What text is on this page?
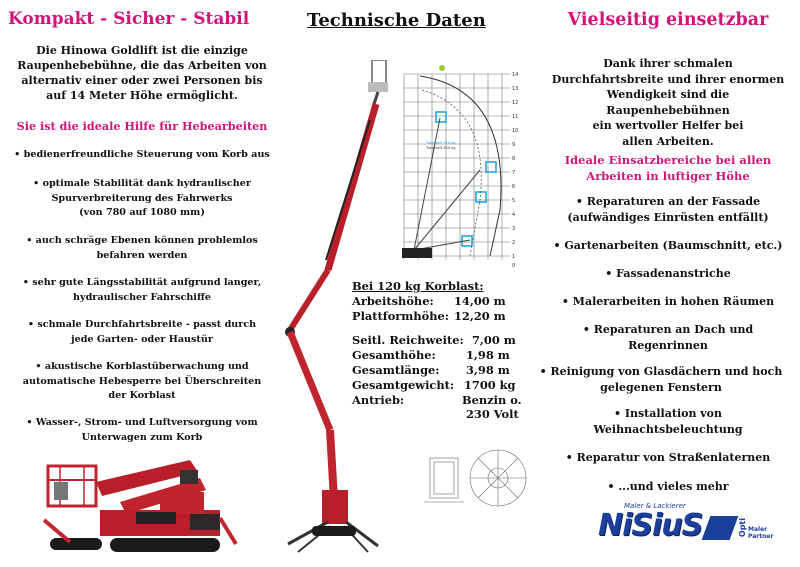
Kompakt - Sicher - Stabil
Die Hinowa Goldlift ist die einzige
Raupenhebebühne, die das Arbeiten von
alternativ einer oder zwei Personen bis
auf 14 Meter Höhe ermöglicht.
Sie ist die ideale Hilfe für Hebearbeiten
• bedienerfreundliche Steuerung vom Korb aus
• optimale Stabilität dank hydraulischer
Spurverbreiterung des Fahrwerks
(von 780 auf 1080 mm)
• auch schräge Ebenen können problemlos
befahren werden
• sehr gute Längsstabilität aufgrund langer,
hydraulischer Fahrschiffe
• schmale Durchfahrtsbreite - passt durch
jede Garten- oder Haustür
• akustische Korblastüberwachung und
automatische Hebesperre bei Überschreiten
der Korblast
• Wasser-, Strom- und Luftversorgung vom
Unterwagen zum Korb
Technische Daten
Tragkraft 120 kg
Tragkraft 200 kg
14
13
12
11
10
9
8
7
6
5
4
3
2
1
0
Bei 120 kg Korblast:
Arbeitshöhe: 14,00 m
Plattformhöhe: 12,20 m
Seitl. Reichweite: 7,00 m
Gesamthöhe:	1,98 m
Gesamtlänge: 3,98 m
Gesamtgewicht: 1700 kg
Antrieb:	Benzin o.
230 Volt
Vielseitig einsetzbar
Dank ihrer schmalen
Durchfahrtsbreite und ihrer enormen
Wendigkeit sind die
Raupenhebebühnen
ein wertvoller Helfer bei
allen Arbeiten.
Ideale Einsatzbereiche bei allen
Arbeiten in luftiger Höhe
• Reparaturen an der Fassade
(aufwändiges Einrüsten entfällt)
• Gartenarbeiten (Baumschnitt, etc.)
• Fassadenanstriche
• Malerarbeiten in hohen Räumen
• Reparaturen an Dach und
Regenrinnen
• Reinigung von Glasdächern und hoch
gelegenen Fenstern
• Installation von
Weihnachtsbeleuchtung
• Reparatur von Straßenlaternen
• ...und vieles mehr
Maler & Lackierer
NiSiuS	Opti Maler Partner
